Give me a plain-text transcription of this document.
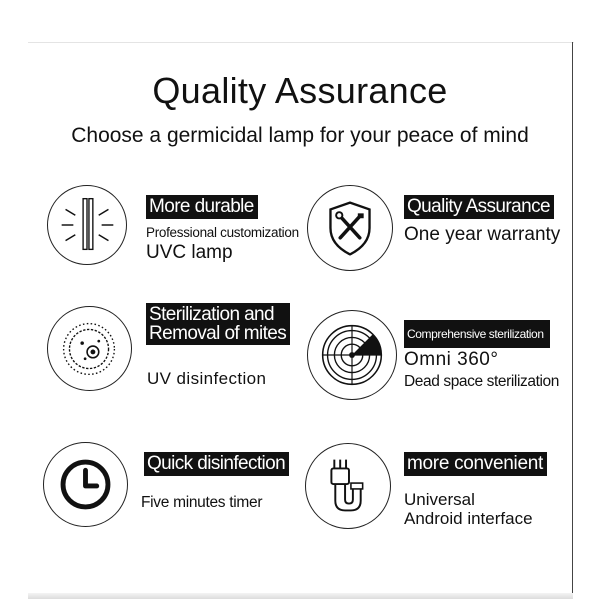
Quality Assurance
Choose a germicidal lamp for your peace of mind
More durable
Professional customization
UVC lamp
Quality Assurance
One year warranty
Sterilization and
Removal of mites
UV disinfection
Comprehensive sterilization
Omni 360°
Dead space sterilization
Quick disinfection
Five minutes timer
more convenient
Universal
Android interface
